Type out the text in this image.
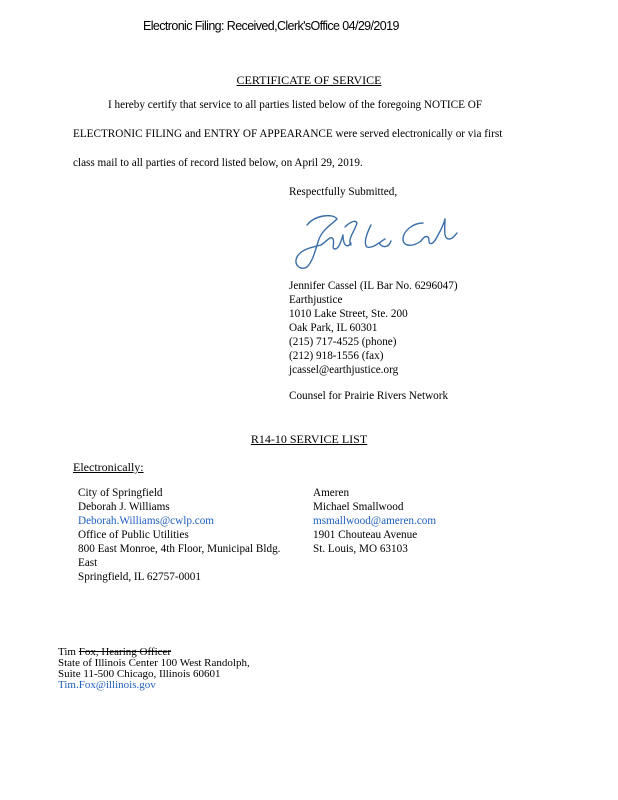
Electronic Filing: Received,Clerk'sOffice 04/29/2019
CERTIFICATE OF SERVICE
I hereby certify that service to all parties listed below of the foregoing NOTICE OF
ELECTRONIC FILING and ENTRY OF APPEARANCE were served electronically or via first
class mail to all parties of record listed below, on April 29, 2019.
Respectfully Submitted,
Jennifer Cassel (IL Bar No. 6296047)
Earthjustice
1010 Lake Street, Ste. 200
Oak Park, IL 60301
(215) 717-4525 (phone)
(212) 918-1556 (fax)
jcassel@earthjustice.org
Counsel for Prairie Rivers Network
R14-10 SERVICE LIST
Electronically:
City of Springfield
Deborah J. Williams
Deborah.Williams@cwlp.com
Office of Public Utilities
800 East Monroe, 4th Floor, Municipal Bldg.
East
Springfield, IL 62757-0001
Ameren
Michael Smallwood
msmallwood@ameren.com
1901 Chouteau Avenue
St. Louis, MO 63103
Tim Fox, Hearing Officer
State of Illinois Center 100 West Randolph,
Suite 11-500 Chicago, Illinois 60601
Tim.Fox@illinois.gov
